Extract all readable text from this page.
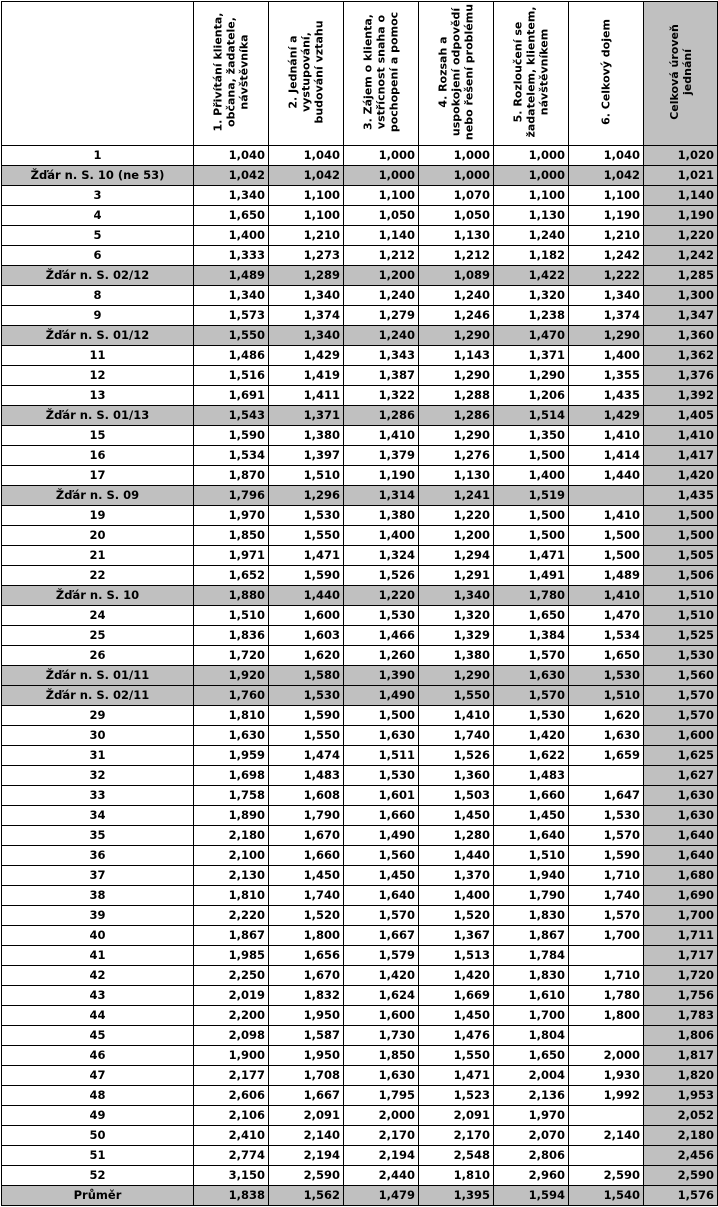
	1. Přivítání klienta, občana, žadatele, návštěvníka	2. Jednání a vystupování, budování vztahu	3. Zájem o klienta, vstřícnost snaha o pochopení a pomoc	4. Rozsah a uspokojení odpovědí nebo řešení problému	5. Rozloučení se žadatelem, klientem, návštěvníkem	6. Celkový dojem	Celková úroveň jednání

1	1,040	1,040	1,000	1,000	1,000	1,040	1,020
Žďár n. S. 10 (ne 53)	1,042	1,042	1,000	1,000	1,000	1,042	1,021
3	1,340	1,100	1,100	1,070	1,100	1,100	1,140
4	1,650	1,100	1,050	1,050	1,130	1,190	1,190
5	1,400	1,210	1,140	1,130	1,240	1,210	1,220
6	1,333	1,273	1,212	1,212	1,182	1,242	1,242
Žďár n. S. 02/12	1,489	1,289	1,200	1,089	1,422	1,222	1,285
8	1,340	1,340	1,240	1,240	1,320	1,340	1,300
9	1,573	1,374	1,279	1,246	1,238	1,374	1,347
Žďár n. S. 01/12	1,550	1,340	1,240	1,290	1,470	1,290	1,360
11	1,486	1,429	1,343	1,143	1,371	1,400	1,362
12	1,516	1,419	1,387	1,290	1,290	1,355	1,376
13	1,691	1,411	1,322	1,288	1,206	1,435	1,392
Žďár n. S. 01/13	1,543	1,371	1,286	1,286	1,514	1,429	1,405
15	1,590	1,380	1,410	1,290	1,350	1,410	1,410
16	1,534	1,397	1,379	1,276	1,500	1,414	1,417
17	1,870	1,510	1,190	1,130	1,400	1,440	1,420
Žďár n. S. 09	1,796	1,296	1,314	1,241	1,519		1,435
19	1,970	1,530	1,380	1,220	1,500	1,410	1,500
20	1,850	1,550	1,400	1,200	1,500	1,500	1,500
21	1,971	1,471	1,324	1,294	1,471	1,500	1,505
22	1,652	1,590	1,526	1,291	1,491	1,489	1,506
Žďár n. S. 10	1,880	1,440	1,220	1,340	1,780	1,410	1,510
24	1,510	1,600	1,530	1,320	1,650	1,470	1,510
25	1,836	1,603	1,466	1,329	1,384	1,534	1,525
26	1,720	1,620	1,260	1,380	1,570	1,650	1,530
Žďár n. S. 01/11	1,920	1,580	1,390	1,290	1,630	1,530	1,560
Žďár n. S. 02/11	1,760	1,530	1,490	1,550	1,570	1,510	1,570
29	1,810	1,590	1,500	1,410	1,530	1,620	1,570
30	1,630	1,550	1,630	1,740	1,420	1,630	1,600
31	1,959	1,474	1,511	1,526	1,622	1,659	1,625
32	1,698	1,483	1,530	1,360	1,483		1,627
33	1,758	1,608	1,601	1,503	1,660	1,647	1,630
34	1,890	1,790	1,660	1,450	1,450	1,530	1,630
35	2,180	1,670	1,490	1,280	1,640	1,570	1,640
36	2,100	1,660	1,560	1,440	1,510	1,590	1,640
37	2,130	1,450	1,450	1,370	1,940	1,710	1,680
38	1,810	1,740	1,640	1,400	1,790	1,740	1,690
39	2,220	1,520	1,570	1,520	1,830	1,570	1,700
40	1,867	1,800	1,667	1,367	1,867	1,700	1,711
41	1,985	1,656	1,579	1,513	1,784		1,717
42	2,250	1,670	1,420	1,420	1,830	1,710	1,720
43	2,019	1,832	1,624	1,669	1,610	1,780	1,756
44	2,200	1,950	1,600	1,450	1,700	1,800	1,783
45	2,098	1,587	1,730	1,476	1,804		1,806
46	1,900	1,950	1,850	1,550	1,650	2,000	1,817
47	2,177	1,708	1,630	1,471	2,004	1,930	1,820
48	2,606	1,667	1,795	1,523	2,136	1,992	1,953
49	2,106	2,091	2,000	2,091	1,970		2,052
50	2,410	2,140	2,170	2,170	2,070	2,140	2,180
51	2,774	2,194	2,194	2,548	2,806		2,456
52	3,150	2,590	2,440	1,810	2,960	2,590	2,590
Průměr	1,838	1,562	1,479	1,395	1,594	1,540	1,576
